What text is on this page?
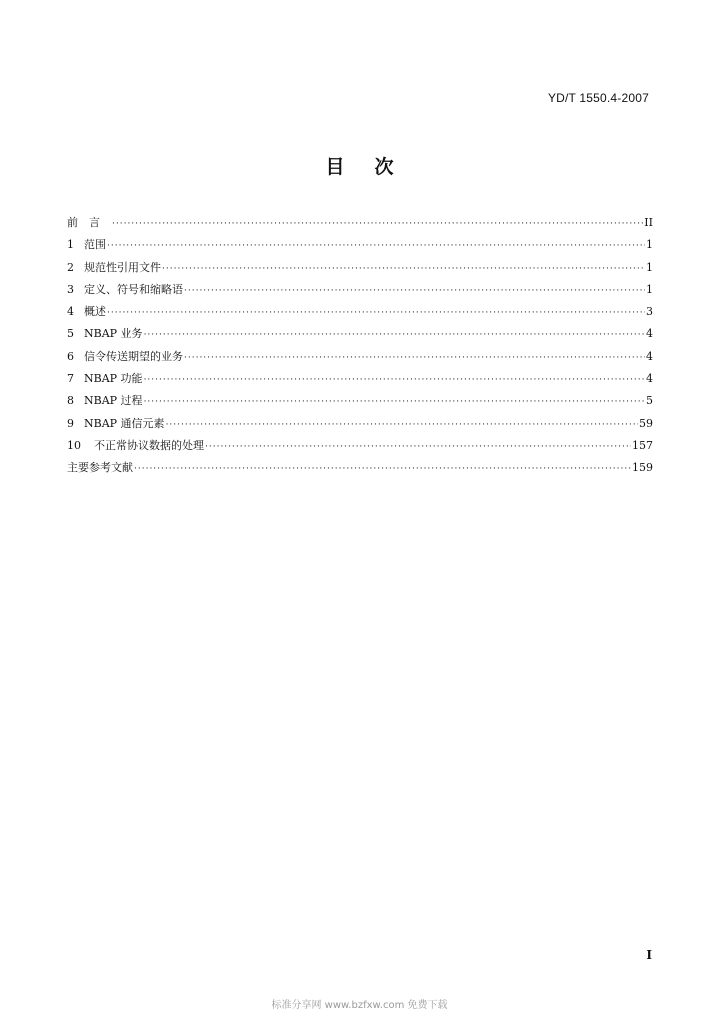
YD/T 1550.4-2007
目次
前言 ·····	II
1 范围 ·····	1
2 规范性引用文件 ·····	1
3 定义、符号和缩略语 ·····	1
4 概述 ·····	3
5 NBAP 业务 ·····	4
6 信令传送期望的业务 ·····	4
7 NBAP 功能 ·····	4
8 NBAP 过程 ·····	5
9 NBAP 通信元素 ·····	59
10	不正常协议数据的处理 ·····	157
主要参考文献 ·····	159
I
标准分享网 www.bzfxw.com 免费下载
